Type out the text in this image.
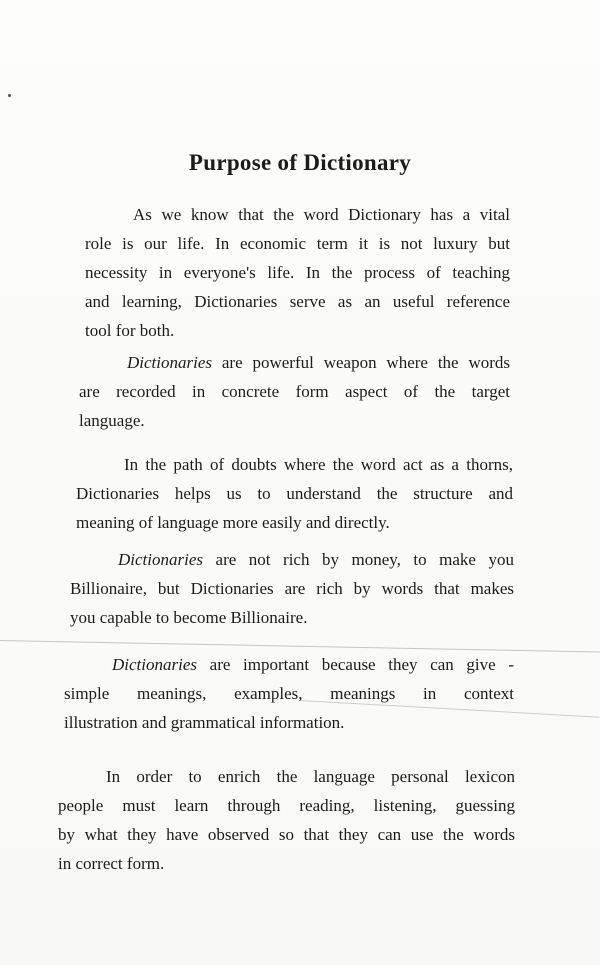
Purpose of Dictionary
As we know that the word Dictionary has a vital
role is our life. In economic term it is not luxury but
necessity in everyone's life. In the process of teaching
and learning, Dictionaries serve as an useful reference
tool for both.
Dictionaries are powerful weapon where the words
are recorded in concrete form aspect of the target
language.
In the path of doubts where the word act as a thorns,
Dictionaries helps us to understand the structure and
meaning of language more easily and directly.
Dictionaries are not rich by money, to make you
Billionaire, but Dictionaries are rich by words that makes
you capable to become Billionaire.
Dictionaries are important because they can give -
simple meanings, examples, meanings in context
illustration and grammatical information.
In order to enrich the language personal lexicon
people must learn through reading, listening, guessing
by what they have observed so that they can use the words
in correct form.
